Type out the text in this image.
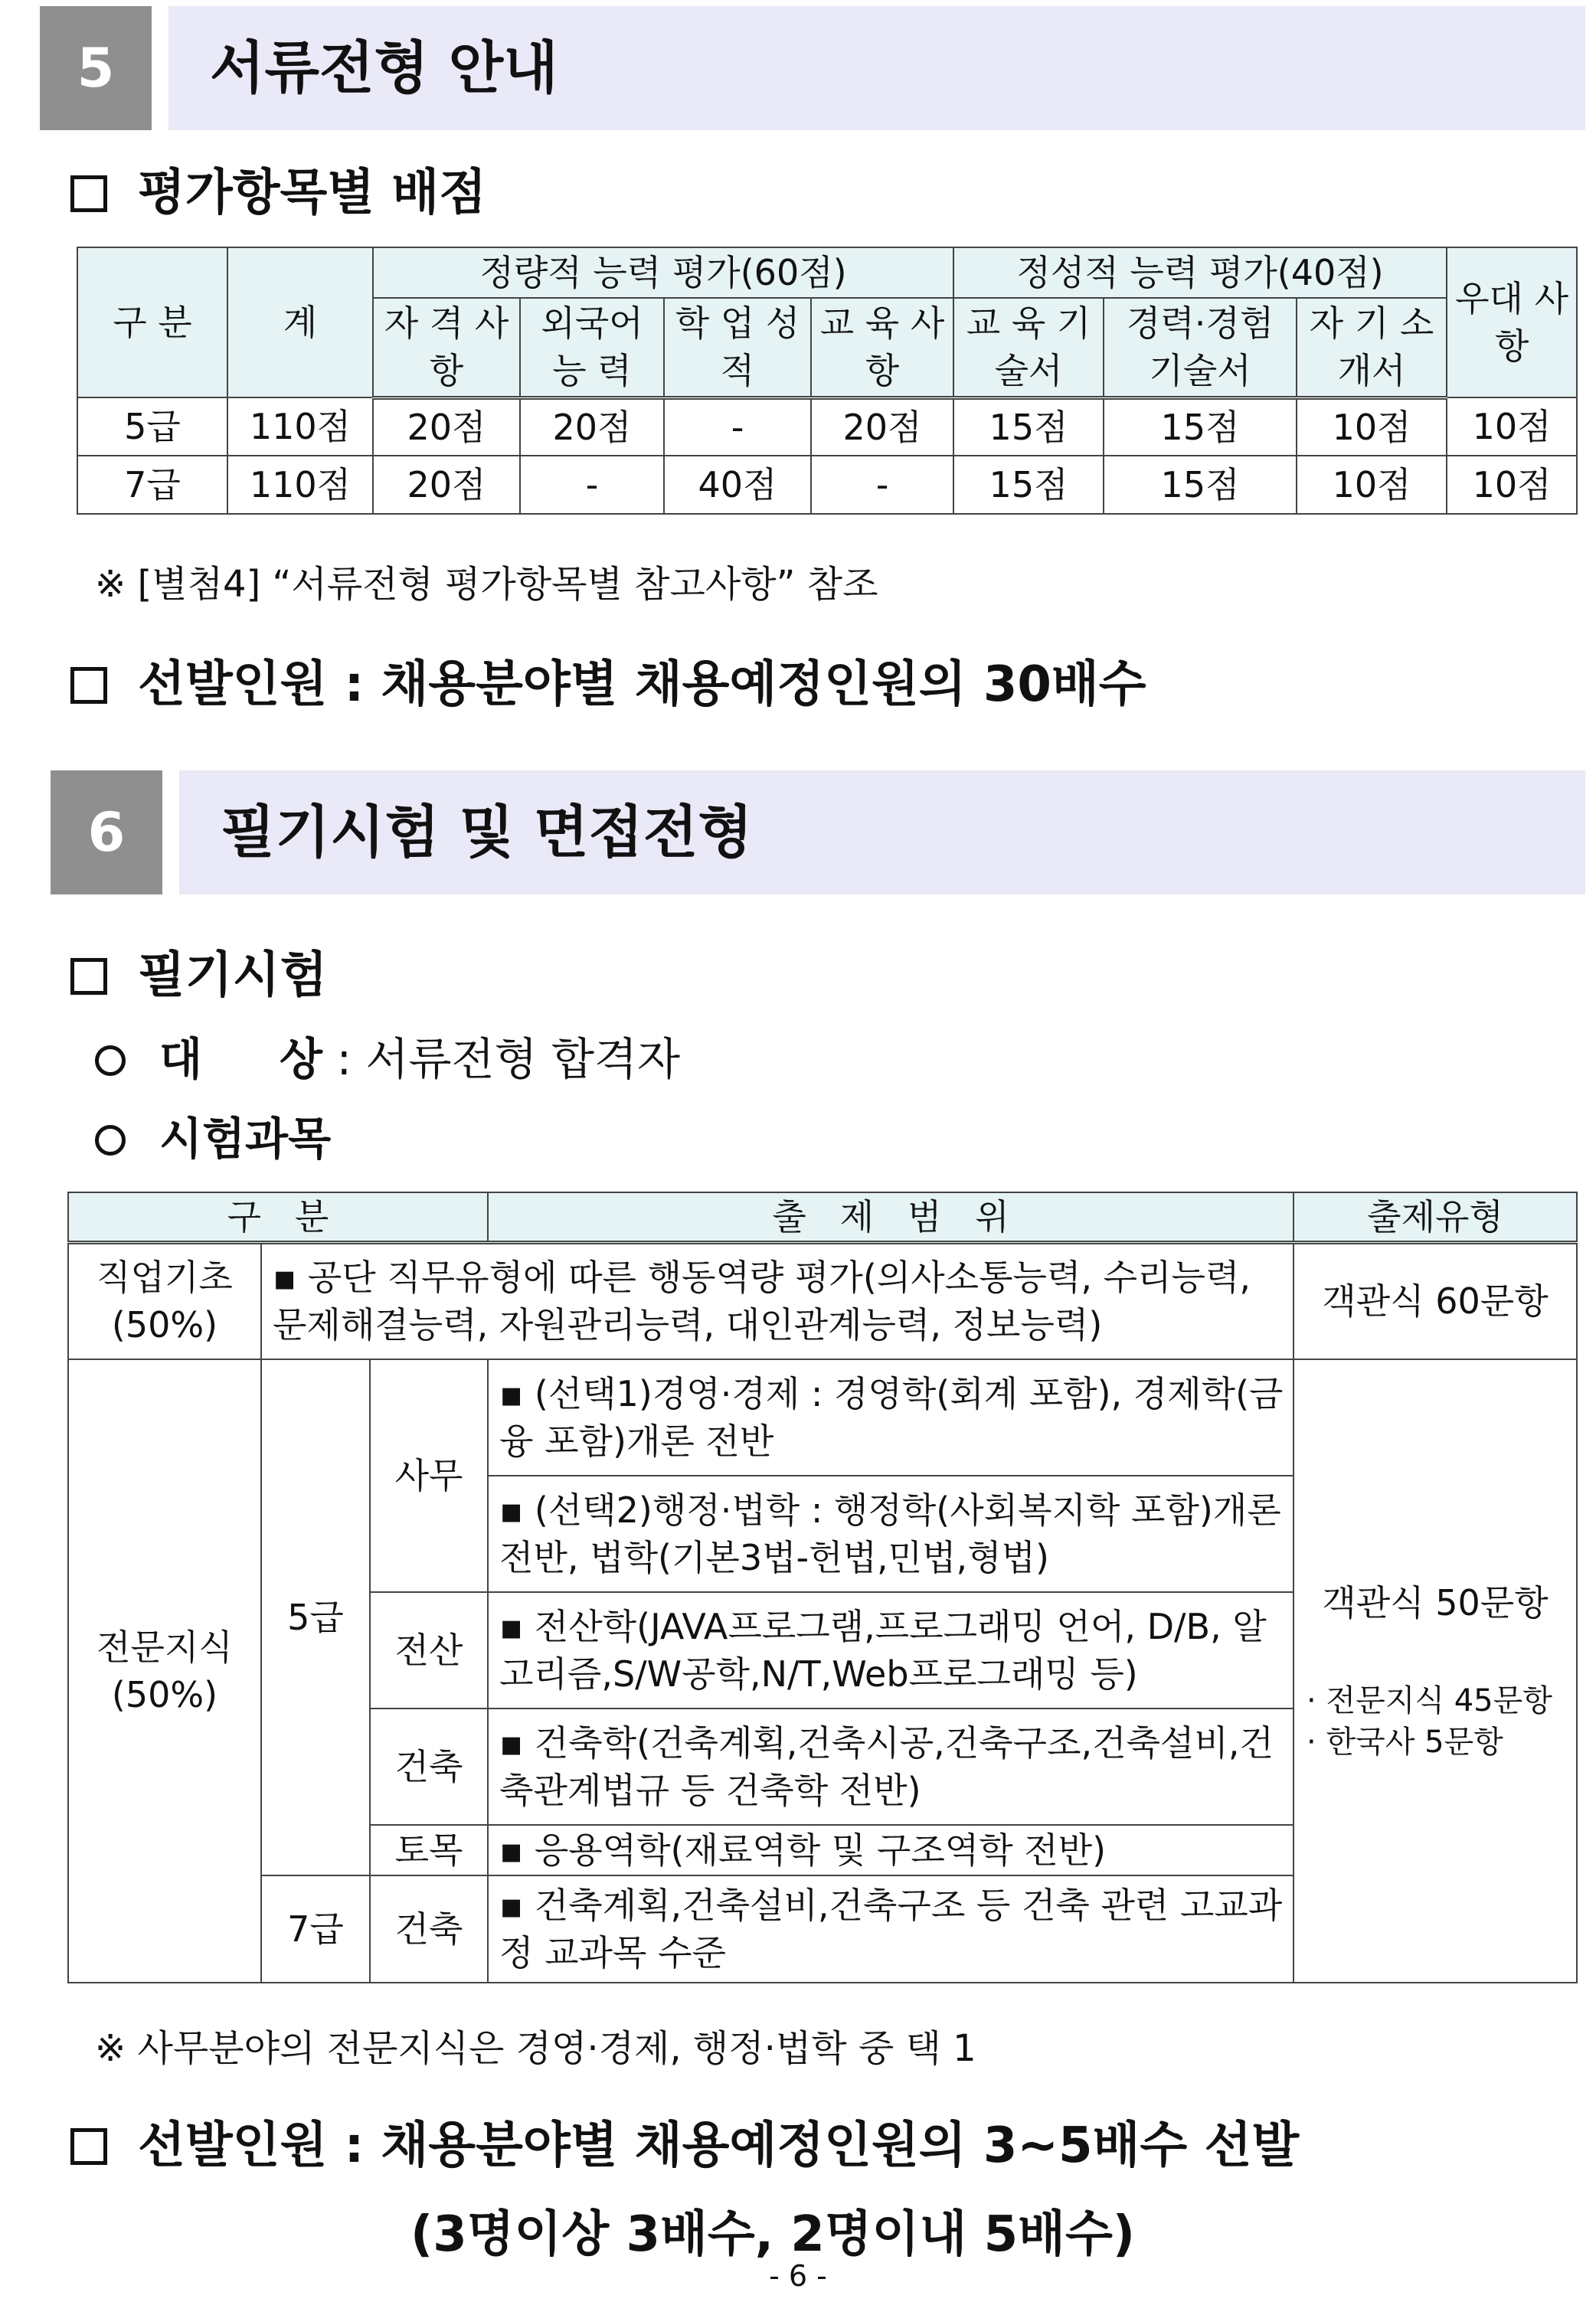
5	서류전형 안내
평가항목별 배점
구 분	계	정량적 능력 평가(60점)				정성적 능력 평가(40점)			우대 사항
		자 격 사 항	외국어 능 력	학 업 성 적	교 육 사 항	교 육 기술서	경력·경험 기술서	자 기 소개서	
5급	110점	20점	20점	-	20점	15점	15점	10점	10점
7급	110점	20점	-	40점	-	15점	15점	10점	10점
※ [별첨4] “서류전형 평가항목별 참고사항” 참조
선발인원 : 채용분야별 채용예정인원의 30배수
6	필기시험 및 면접전형
필기시험
대     상 : 서류전형 합격자
시험과목
구   분			출   제   범   위	출제유형
직업기초 (50%)	▪ 공단 직무유형에 따른 행동역량 평가(의사소통능력, 수리능력, 문제해결능력, 자원관리능력, 대인관계능력, 정보능력)			객관식 60문항
전문지식 (50%)	5급	사무	▪ (선택1)경영·경제 : 경영학(회계 포함), 경제학(금융 포함)개론 전반	객관식 50문항
· 전문지식 45문항
· 한국사 5문항

			▪ (선택2)행정·법학 : 행정학(사회복지학 포함)개론 전반, 법학(기본3법-헌법,민법,형법)	
		전산	▪ 전산학(JAVA프로그램,프로그래밍 언어, D/B, 알고리즘,S/W공학,N/T,Web프로그래밍 등)	
		건축	▪ 건축학(건축계획,건축시공,건축구조,건축설비,건축관계법규 등 건축학 전반)	
		토목	▪ 응용역학(재료역학 및 구조역학 전반)	
	7급	건축	▪ 건축계획,건축설비,건축구조 등 건축 관련 고교과정 교과목 수준	
※ 사무분야의 전문지식은 경영·경제, 행정·법학 중 택 1
선발인원 : 채용분야별 채용예정인원의 3~5배수 선발
(3명이상 3배수, 2명이내 5배수)
- 6 -
